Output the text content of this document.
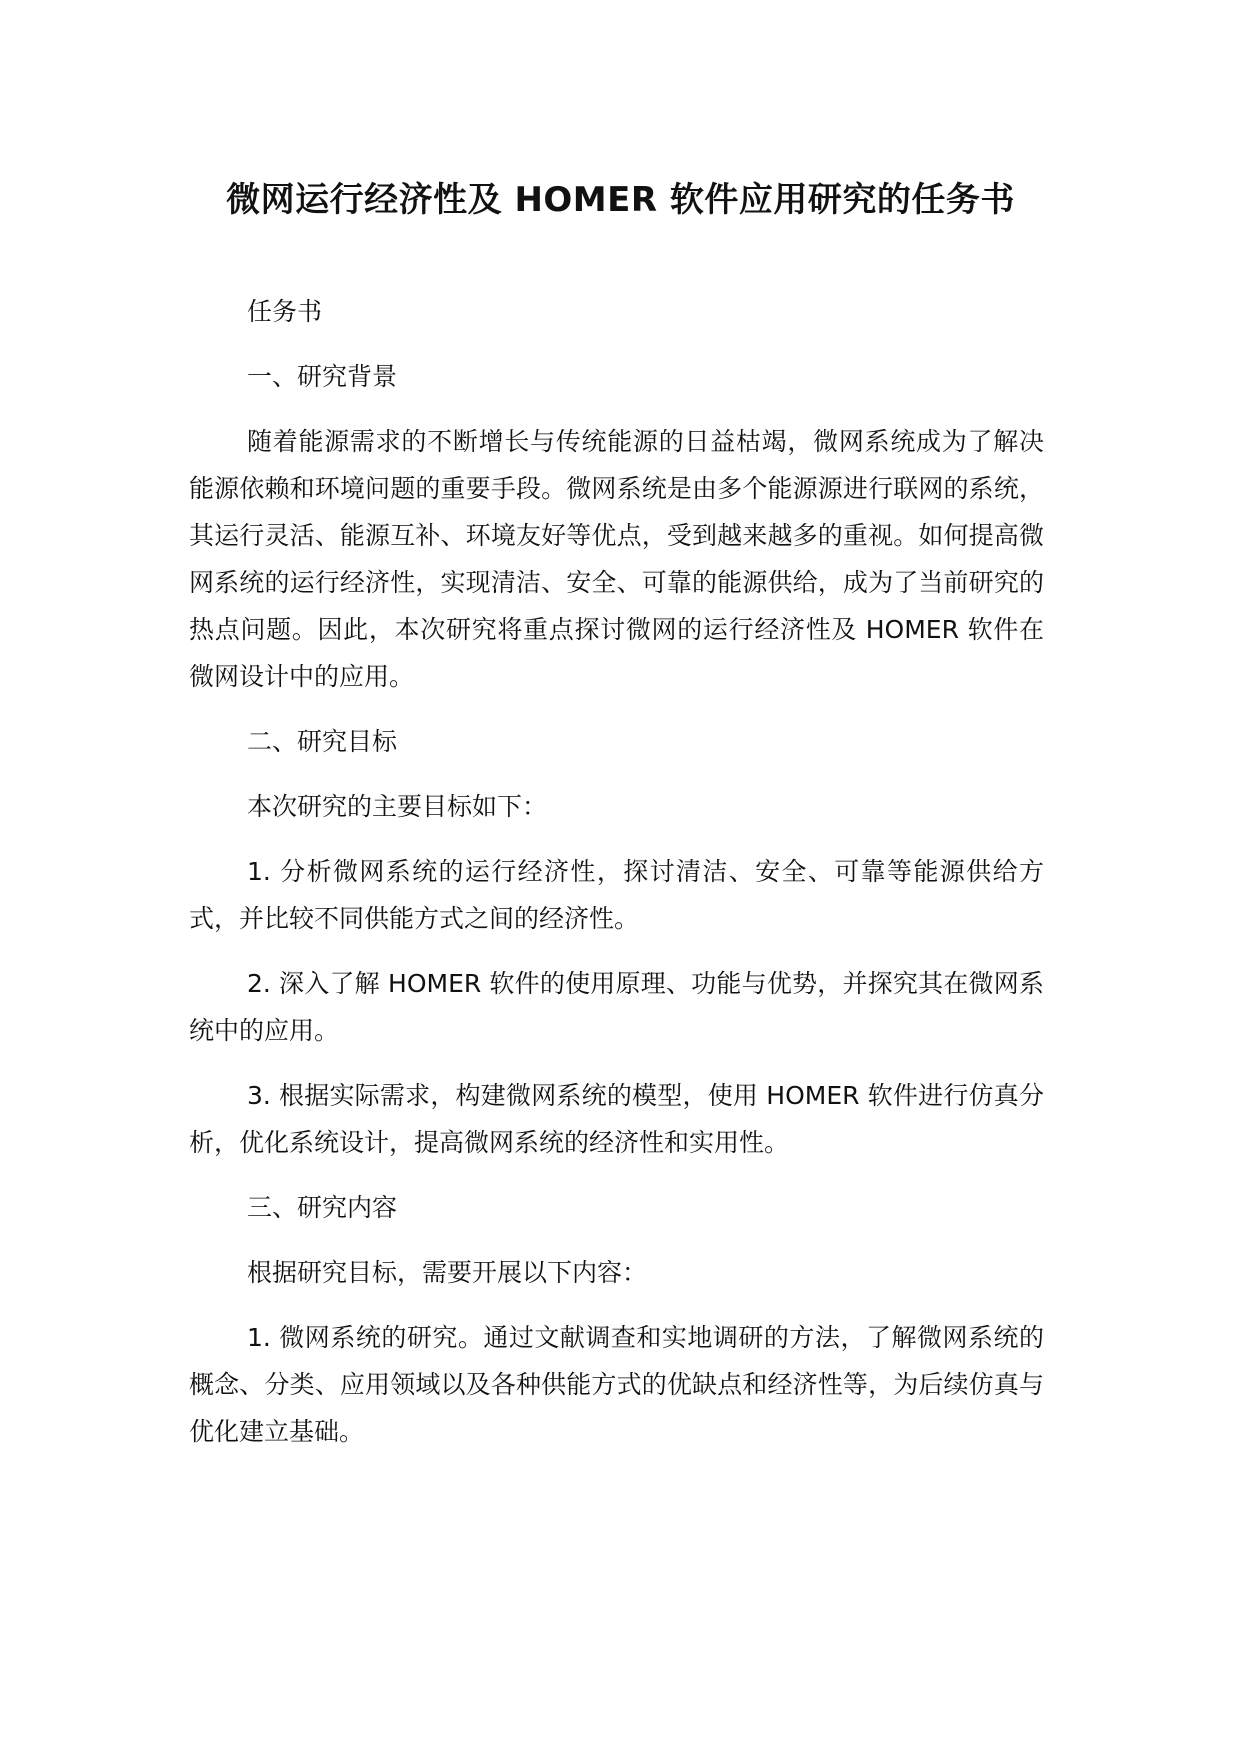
微网运行经济性及 HOMER 软件应用研究的任务书

任务书

一、研究背景

随着能源需求的不断增长与传统能源的日益枯竭，微网系统成为了解决能源依赖和环境问题的重要手段。微网系统是由多个能源源进行联网的系统，其运行灵活、能源互补、环境友好等优点，受到越来越多的重视。如何提高微网系统的运行经济性，实现清洁、安全、可靠的能源供给，成为了当前研究的热点问题。因此，本次研究将重点探讨微网的运行经济性及 HOMER 软件在微网设计中的应用。

二、研究目标

本次研究的主要目标如下：

1. 分析微网系统的运行经济性，探讨清洁、安全、可靠等能源供给方式，并比较不同供能方式之间的经济性。

2. 深入了解 HOMER 软件的使用原理、功能与优势，并探究其在微网系统中的应用。

3. 根据实际需求，构建微网系统的模型，使用 HOMER 软件进行仿真分析，优化系统设计，提高微网系统的经济性和实用性。

三、研究内容

根据研究目标，需要开展以下内容：

1. 微网系统的研究。通过文献调查和实地调研的方法，了解微网系统的概念、分类、应用领域以及各种供能方式的优缺点和经济性等，为后续仿真与优化建立基础。
